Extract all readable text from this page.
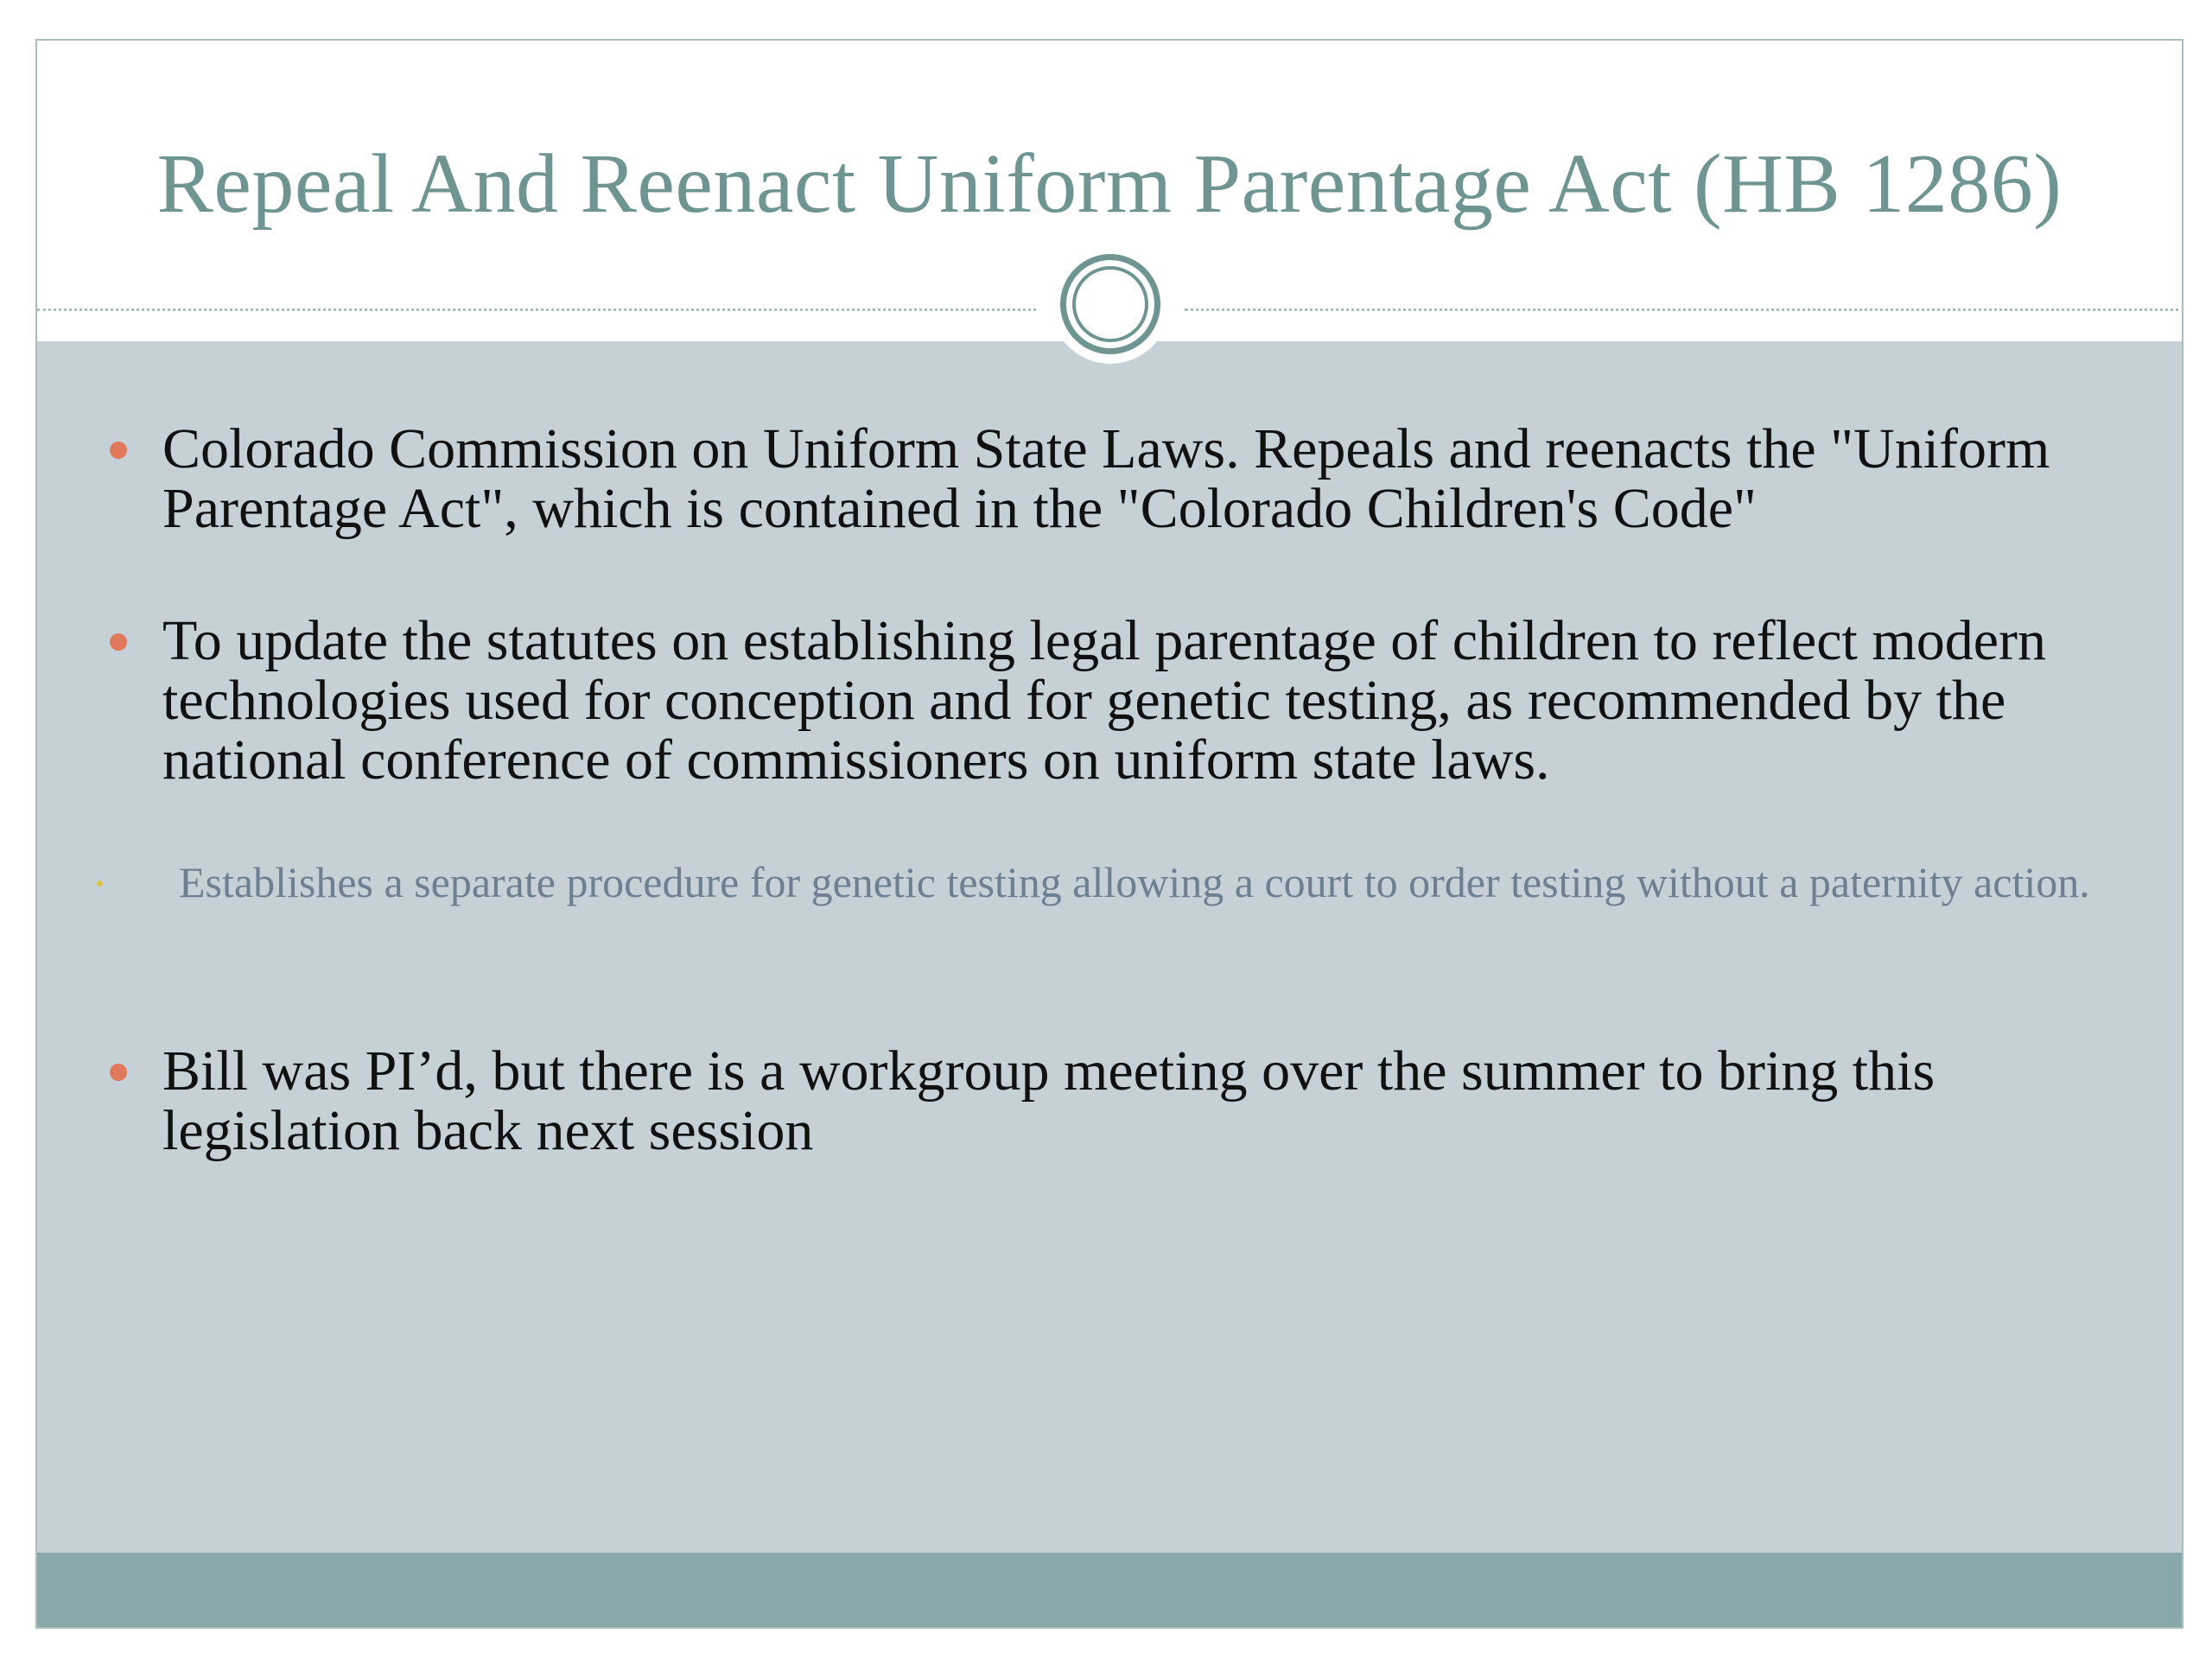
Repeal And Reenact Uniform Parentage Act (HB 1286)
Colorado Commission on Uniform State Laws. Repeals and reenacts the "Uniform Parentage Act", which is contained in the "Colorado Children's Code"
To update the statutes on establishing legal parentage of children to reflect modern technologies used for conception and for genetic testing, as recommended by the national conference of commissioners on uniform state laws.
Establishes a separate procedure for genetic testing allowing a court to order testing without a paternity action.
Bill was PI’d, but there is a workgroup meeting over the summer to bring this legislation back next session
